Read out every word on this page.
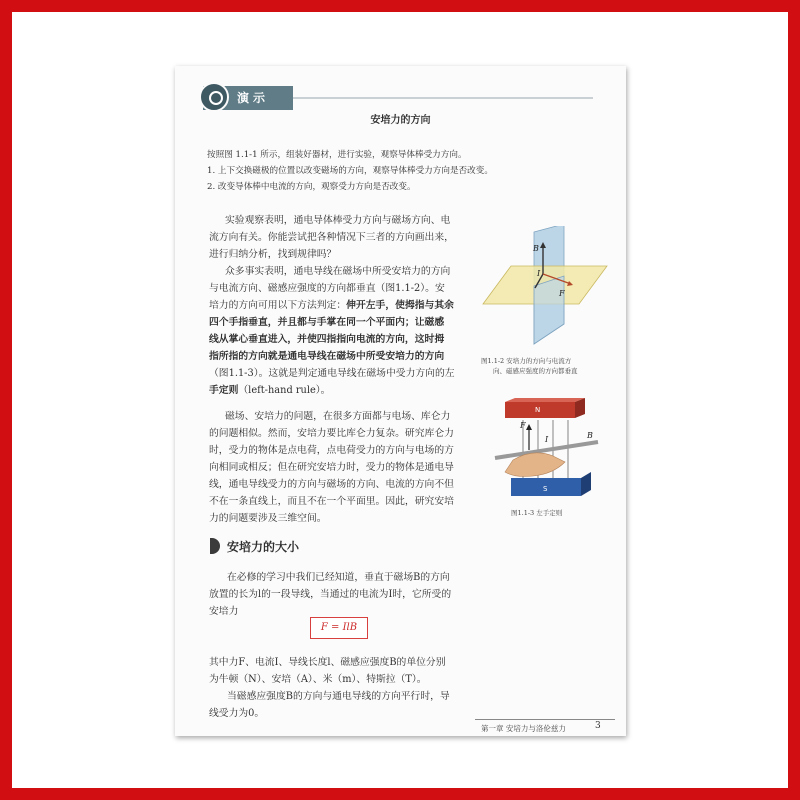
演示
安培力的方向
按照图 1.1-1 所示，组装好器材，进行实验，观察导体棒受力方向。
1. 上下交换磁极的位置以改变磁场的方向，观察导体棒受力方向是否改变。
2. 改变导体棒中电流的方向，观察受力方向是否改变。
实验观察表明，通电导体棒受力方向与磁场方向、电
流方向有关。你能尝试把各种情况下三者的方向画出来，
进行归纳分析，找到规律吗？
众多事实表明，通电导线在磁场中所受安培力的方向
与电流方向、磁感应强度的方向都垂直（图1.1-2）。安
培力的方向可用以下方法判定：伸开左手，使拇指与其余
四个手指垂直，并且都与手掌在同一个平面内；让磁感
线从掌心垂直进入，并使四指指向电流的方向，这时拇
指所指的方向就是通电导线在磁场中所受安培力的方向
（图1.1-3）。这就是判定通电导线在磁场中受力方向的左
手定则（left-hand rule）。
磁场、安培力的问题，在很多方面都与电场、库仑力
的问题相似。然而，安培力要比库仑力复杂。研究库仑力
时，受力的物体是点电荷，点电荷受力的方向与电场的方
向相同或相反；但在研究安培力时，受力的物体是通电导
线，通电导线受力的方向与磁场的方向、电流的方向不但
不在一条直线上，而且不在一个平面里。因此，研究安培
力的问题要涉及三维空间。
B
I
F
图1.1-2 安培力的方向与电流方
向、磁感应强度的方向都垂直
N
S
F
I	B
图1.1-3 左手定则
安培力的大小
在必修的学习中我们已经知道，垂直于磁场B的方向
放置的长为l的一段导线，当通过的电流为I时，它所受的
安培力
F = IlB
其中力F、电流I、导线长度l、磁感应强度B的单位分别
为牛顿（N）、安培（A）、米（m）、特斯拉（T）。
当磁感应强度B的方向与通电导线的方向平行时，导
线受力为0。
第一章 安培力与洛伦兹力	3
